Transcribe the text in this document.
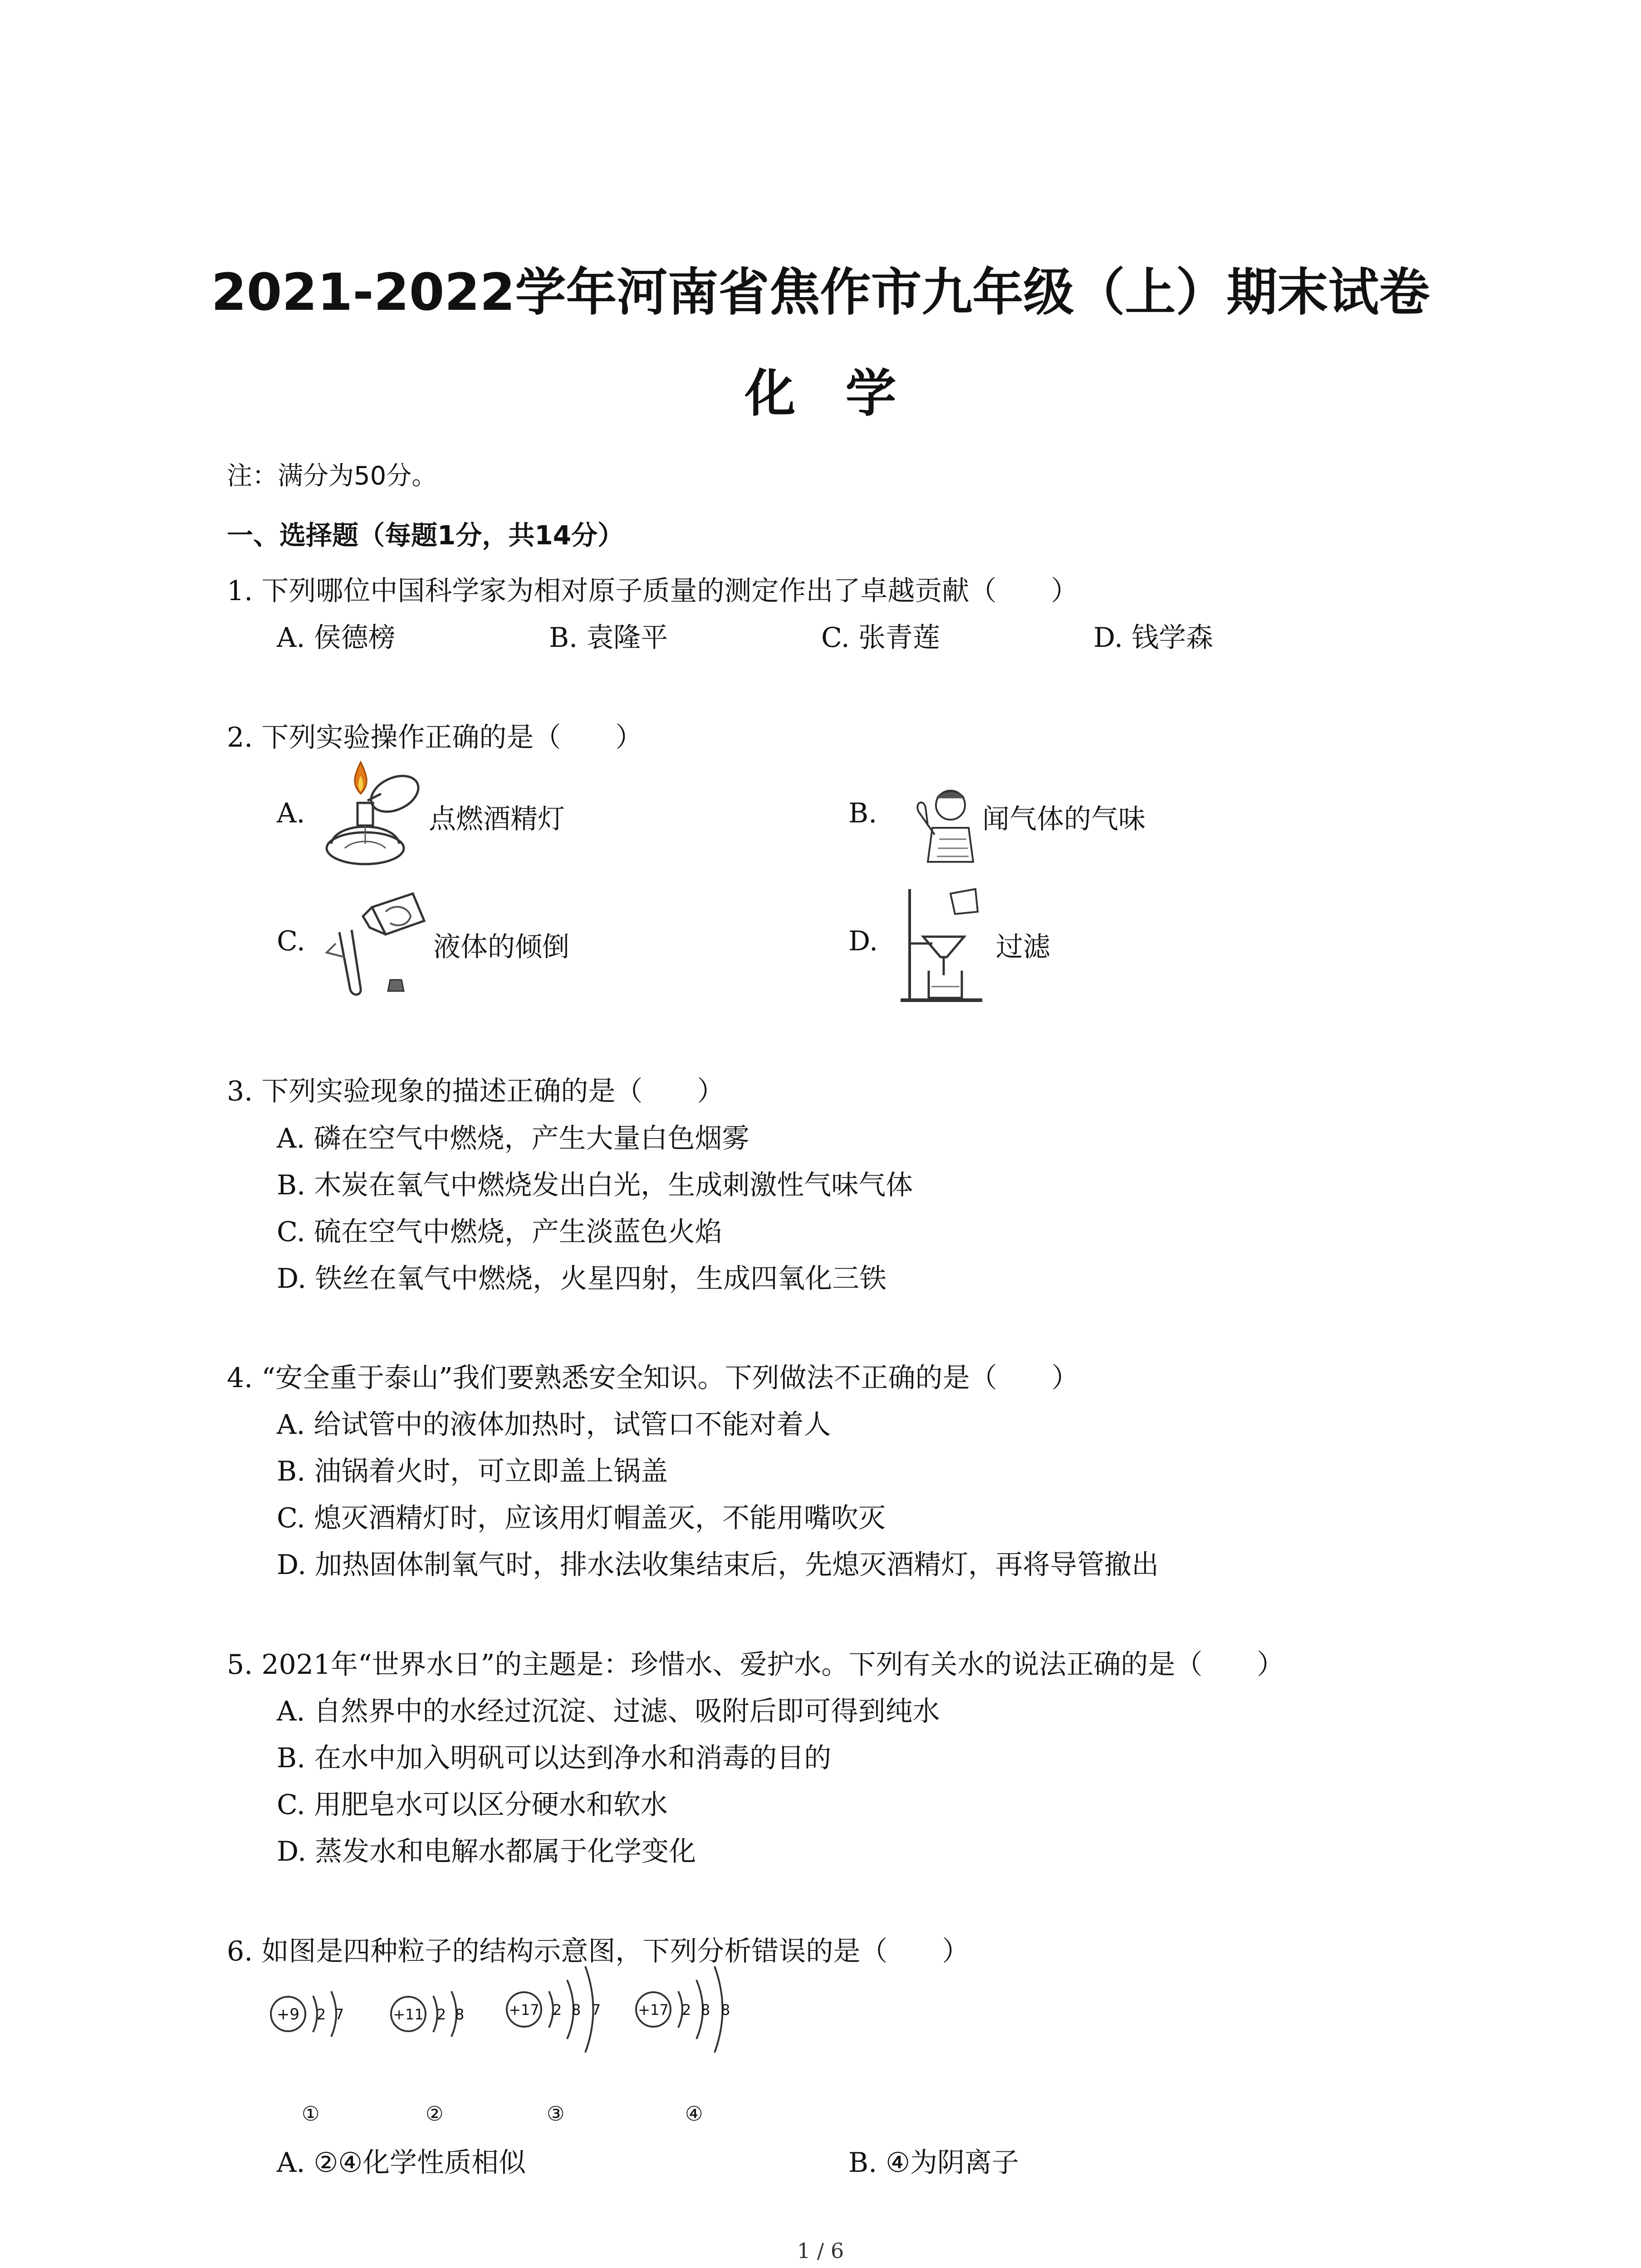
2021-2022学年河南省焦作市九年级（上）期末试卷
化学
注：满分为50分。
一、选择题（每题1分，共14分）
1. 下列哪位中国科学家为相对原子质量的测定作出了卓越贡献（　　）
A. 侯德榜	B. 袁隆平	C. 张青莲	D. 钱学森
2. 下列实验操作正确的是（　　）
A.	点燃酒精灯	B.	闻气体的气味
C.	液体的倾倒	D.	过滤
3. 下列实验现象的描述正确的是（　　）
A. 磷在空气中燃烧，产生大量白色烟雾
B. 木炭在氧气中燃烧发出白光，生成刺激性气味气体
C. 硫在空气中燃烧，产生淡蓝色火焰
D. 铁丝在氧气中燃烧，火星四射，生成四氧化三铁
4. “安全重于泰山”我们要熟悉安全知识。下列做法不正确的是（　　）
A. 给试管中的液体加热时，试管口不能对着人
B. 油锅着火时，可立即盖上锅盖
C. 熄灭酒精灯时，应该用灯帽盖灭，不能用嘴吹灭
D. 加热固体制氧气时，排水法收集结束后，先熄灭酒精灯，再将导管撤出
5. 2021年“世界水日”的主题是：珍惜水、爱护水。下列有关水的说法正确的是（　　）
A. 自然界中的水经过沉淀、过滤、吸附后即可得到纯水
B. 在水中加入明矾可以达到净水和消毒的目的
C. 用肥皂水可以区分硬水和软水
D. 蒸发水和电解水都属于化学变化
6. 如图是四种粒子的结构示意图，下列分析错误的是（　　）
+9 2 7
①
+11 2 8
②
+17 2 8 7
③
+17 2 8 8
④
A. ②④化学性质相似	B. ④为阴离子
1 / 6
